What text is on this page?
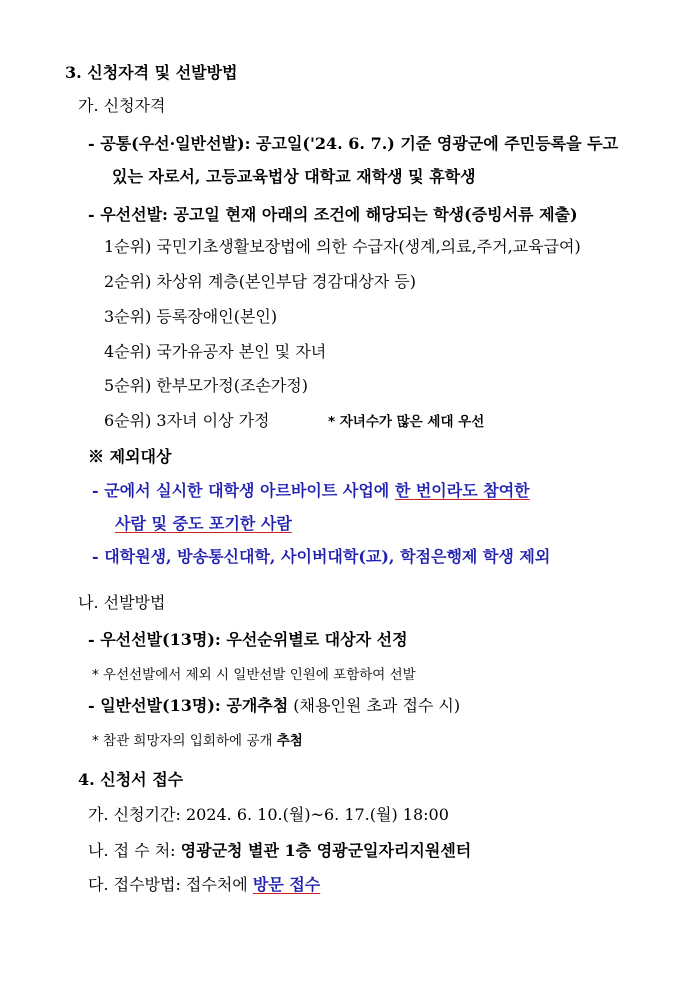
3. 신청자격 및 선발방법
가. 신청자격
- 공통(우선·일반선발): 공고일('24. 6. 7.) 기준 영광군에 주민등록을 두고
있는 자로서, 고등교육법상 대학교 재학생 및 휴학생
- 우선선발: 공고일 현재 아래의 조건에 해당되는 학생(증빙서류 제출)
1순위) 국민기초생활보장법에 의한 수급자(생계,의료,주거,교육급여)
2순위) 차상위 계층(본인부담 경감대상자 등)
3순위) 등록장애인(본인)
4순위) 국가유공자 본인 및 자녀
5순위) 한부모가정(조손가정)
6순위) 3자녀 이상 가정	* 자녀수가 많은 세대 우선
※ 제외대상
- 군에서 실시한 대학생 아르바이트 사업에 한 번이라도 참여한
사람 및 중도 포기한 사람
- 대학원생, 방송통신대학, 사이버대학(교), 학점은행제 학생 제외
나. 선발방법
- 우선선발(13명): 우선순위별로 대상자 선정
* 우선선발에서 제외 시 일반선발 인원에 포함하여 선발
- 일반선발(13명): 공개추첨 (채용인원 초과 접수 시)
* 참관 희망자의 입회하에 공개 추첨
4. 신청서 접수
가. 신청기간: 2024. 6. 10.(월)~6. 17.(월) 18:00
나. 접 수 처: 영광군청 별관 1층 영광군일자리지원센터
다. 접수방법: 접수처에 방문 접수
